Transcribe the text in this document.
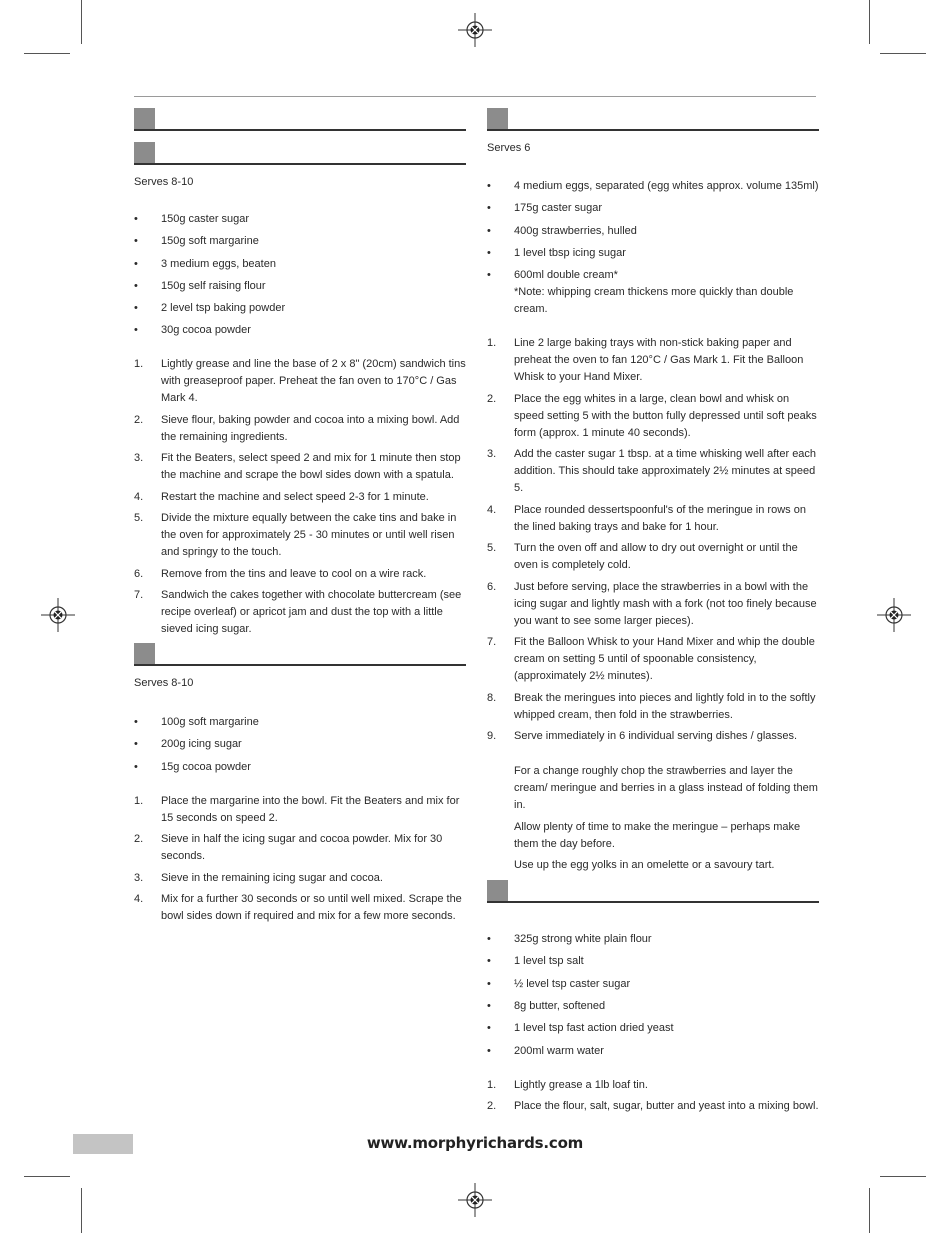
Serves 8-10
• 150g caster sugar
• 150g soft margarine
• 3 medium eggs, beaten
• 150g self raising flour
• 2 level tsp baking powder
• 30g cocoa powder
1. Lightly grease and line the base of 2 x 8" (20cm) sandwich tins with greaseproof paper. Preheat the fan oven to 170°C / Gas Mark 4.
2. Sieve flour, baking powder and cocoa into a mixing bowl. Add the remaining ingredients.
3. Fit the Beaters, select speed 2 and mix for 1 minute then stop the machine and scrape the bowl sides down with a spatula.
4. Restart the machine and select speed 2-3 for 1 minute.
5. Divide the mixture equally between the cake tins and bake in the oven for approximately 25 - 30 minutes or until well risen and springy to the touch.
6. Remove from the tins and leave to cool on a wire rack.
7. Sandwich the cakes together with chocolate buttercream (see recipe overleaf) or apricot jam and dust the top with a little sieved icing sugar.
Serves 8-10
• 100g soft margarine
• 200g icing sugar
• 15g cocoa powder
1. Place the margarine into the bowl. Fit the Beaters and mix for 15 seconds on speed 2.
2. Sieve in half the icing sugar and cocoa powder. Mix for 30 seconds.
3. Sieve in the remaining icing sugar and cocoa.
4. Mix for a further 30 seconds or so until well mixed. Scrape the bowl sides down if required and mix for a few more seconds.
Serves 6
• 4 medium eggs, separated (egg whites approx. volume 135ml)
• 175g caster sugar
• 400g strawberries, hulled
• 1 level tbsp icing sugar
• 600ml double cream*
*Note: whipping cream thickens more quickly than double cream.
1. Line 2 large baking trays with non-stick baking paper and preheat the oven to fan 120°C / Gas Mark 1. Fit the Balloon Whisk to your Hand Mixer.
2. Place the egg whites in a large, clean bowl and whisk on speed setting 5 with the button fully depressed until soft peaks form (approx. 1 minute 40 seconds).
3. Add the caster sugar 1 tbsp. at a time whisking well after each addition. This should take approximately 2½ minutes at speed 5.
4. Place rounded dessertspoonful's of the meringue in rows on the lined baking trays and bake for 1 hour.
5. Turn the oven off and allow to dry out overnight or until the oven is completely cold.
6. Just before serving, place the strawberries in a bowl with the icing sugar and lightly mash with a fork (not too finely because you want to see some larger pieces).
7. Fit the Balloon Whisk to your Hand Mixer and whip the double cream on setting 5 until of spoonable consistency, (approximately 2½ minutes).
8. Break the meringues into pieces and lightly fold in to the softly whipped cream, then fold in the strawberries.
9. Serve immediately in 6 individual serving dishes / glasses.
For a change roughly chop the strawberries and layer the cream/ meringue and berries in a glass instead of folding them in.
Allow plenty of time to make the meringue – perhaps make them the day before.
Use up the egg yolks in an omelette or a savoury tart.
• 325g strong white plain flour
• 1 level tsp salt
• ½ level tsp caster sugar
• 8g butter, softened
• 1 level tsp fast action dried yeast
• 200ml warm water
1. Lightly grease a 1lb loaf tin.
2. Place the flour, salt, sugar, butter and yeast into a mixing bowl.
www.morphyrichards.com
